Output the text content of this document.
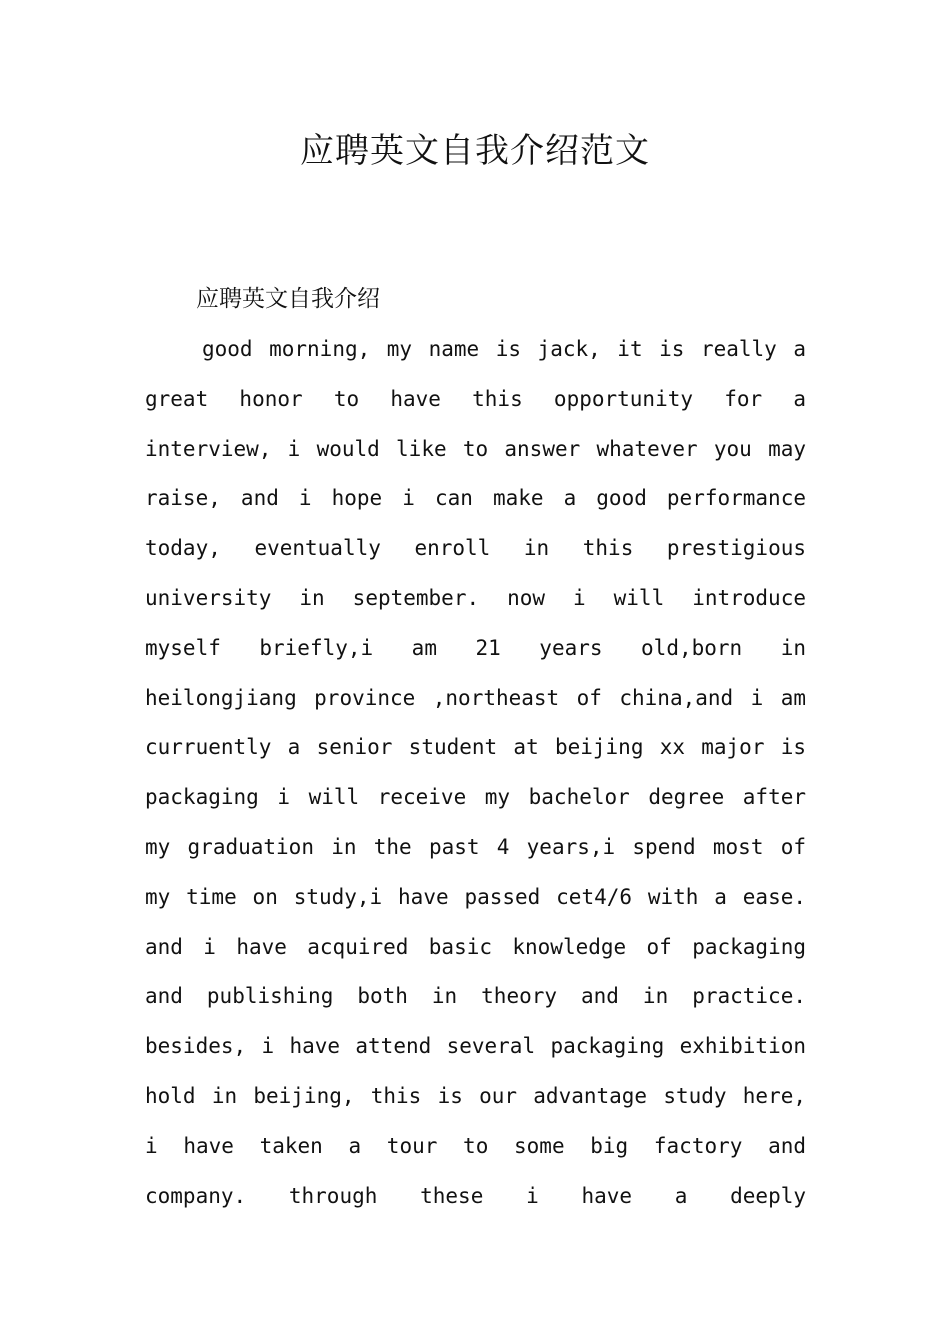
应聘英文自我介绍范文

应聘英文自我介绍

good morning, my name is jack, it is really a
great honor to have this opportunity for a
interview, i would like to answer whatever you may
raise, and i hope i can make a good performance
today, eventually enroll in this prestigious
university in september. now i will introduce
myself briefly,i am 21 years old,born in
heilongjiang province ,northeast of china,and i am
curruently a senior student at beijing xx major is
packaging i will receive my bachelor degree after
my graduation in the past 4 years,i spend most of
my time on study,i have passed cet4/6 with a ease.
and i have acquired basic knowledge of packaging
and publishing both in theory and in practice.
besides, i have attend several packaging exhibition
hold in beijing, this is our advantage study here,
i have taken a tour to some big factory and
company. through these i have a deeply
